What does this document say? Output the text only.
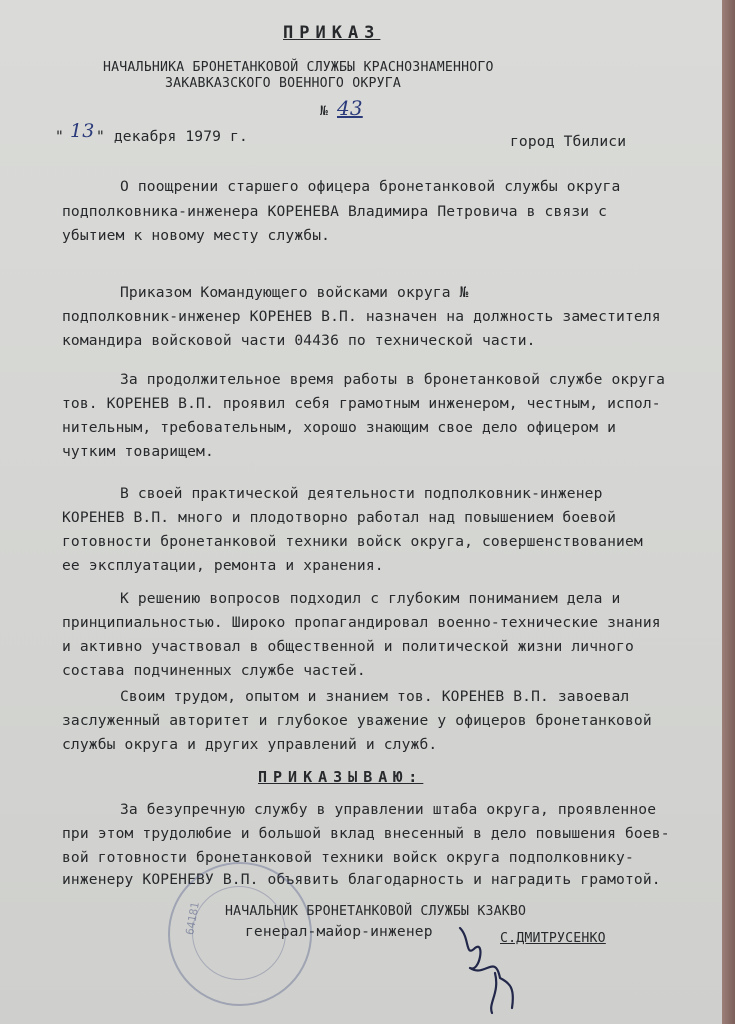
ПРИКАЗ
НАЧАЛЬНИКА БРОНЕТАНКОВОЙ СЛУЖБЫ КРАСНОЗНАМЕННОГО
ЗАКАВКАЗСКОГО ВОЕННОГО ОКРУГА
№ 43
" 13 " декабря 1979 г.	город Тбилиси
О поощрении старшего офицера бронетанковой службы округа
подполковника-инженера КОРЕНЕВА Владимира Петровича в связи с
убытием к новому месту службы.
Приказом Командующего войсками округа №
подполковник-инженер КОРЕНЕВ В.П. назначен на должность заместителя
командира войсковой части 04436 по технической части.
За продолжительное время работы в бронетанковой службе округа
тов. КОРЕНЕВ В.П. проявил себя грамотным инженером, честным, испол-
нительным, требовательным, хорошо знающим свое дело офицером и
чутким товарищем.
В своей практической деятельности подполковник-инженер
КОРЕНЕВ В.П. много и плодотворно работал над повышением боевой
готовности бронетанковой техники войск округа, совершенствованием
ее эксплуатации, ремонта и хранения.
К решению вопросов подходил с глубоким пониманием дела и
принципиальностью. Широко пропагандировал военно-технические знания
и активно участвовал в общественной и политической жизни личного
состава подчиненных службе частей.
Своим трудом, опытом и знанием тов. КОРЕНЕВ В.П. завоевал
заслуженный авторитет и глубокое уважение у офицеров бронетанковой
службы округа и других управлений и служб.
ПРИКАЗЫВАЮ:
За безупречную службу в управлении штаба округа, проявленное
при этом трудолюбие и большой вклад внесенный в дело повышения боев-
вой готовности бронетанковой техники войск округа подполковнику-
инженеру КОРЕНЕВУ В.П. объявить благодарность и наградить грамотой.
64181 НАЧАЛЬНИК БРОНЕТАНКОВОЙ СЛУЖБЫ КЗАКВО
генерал-майор-инженер	С.ДМИТРУСЕНКО
